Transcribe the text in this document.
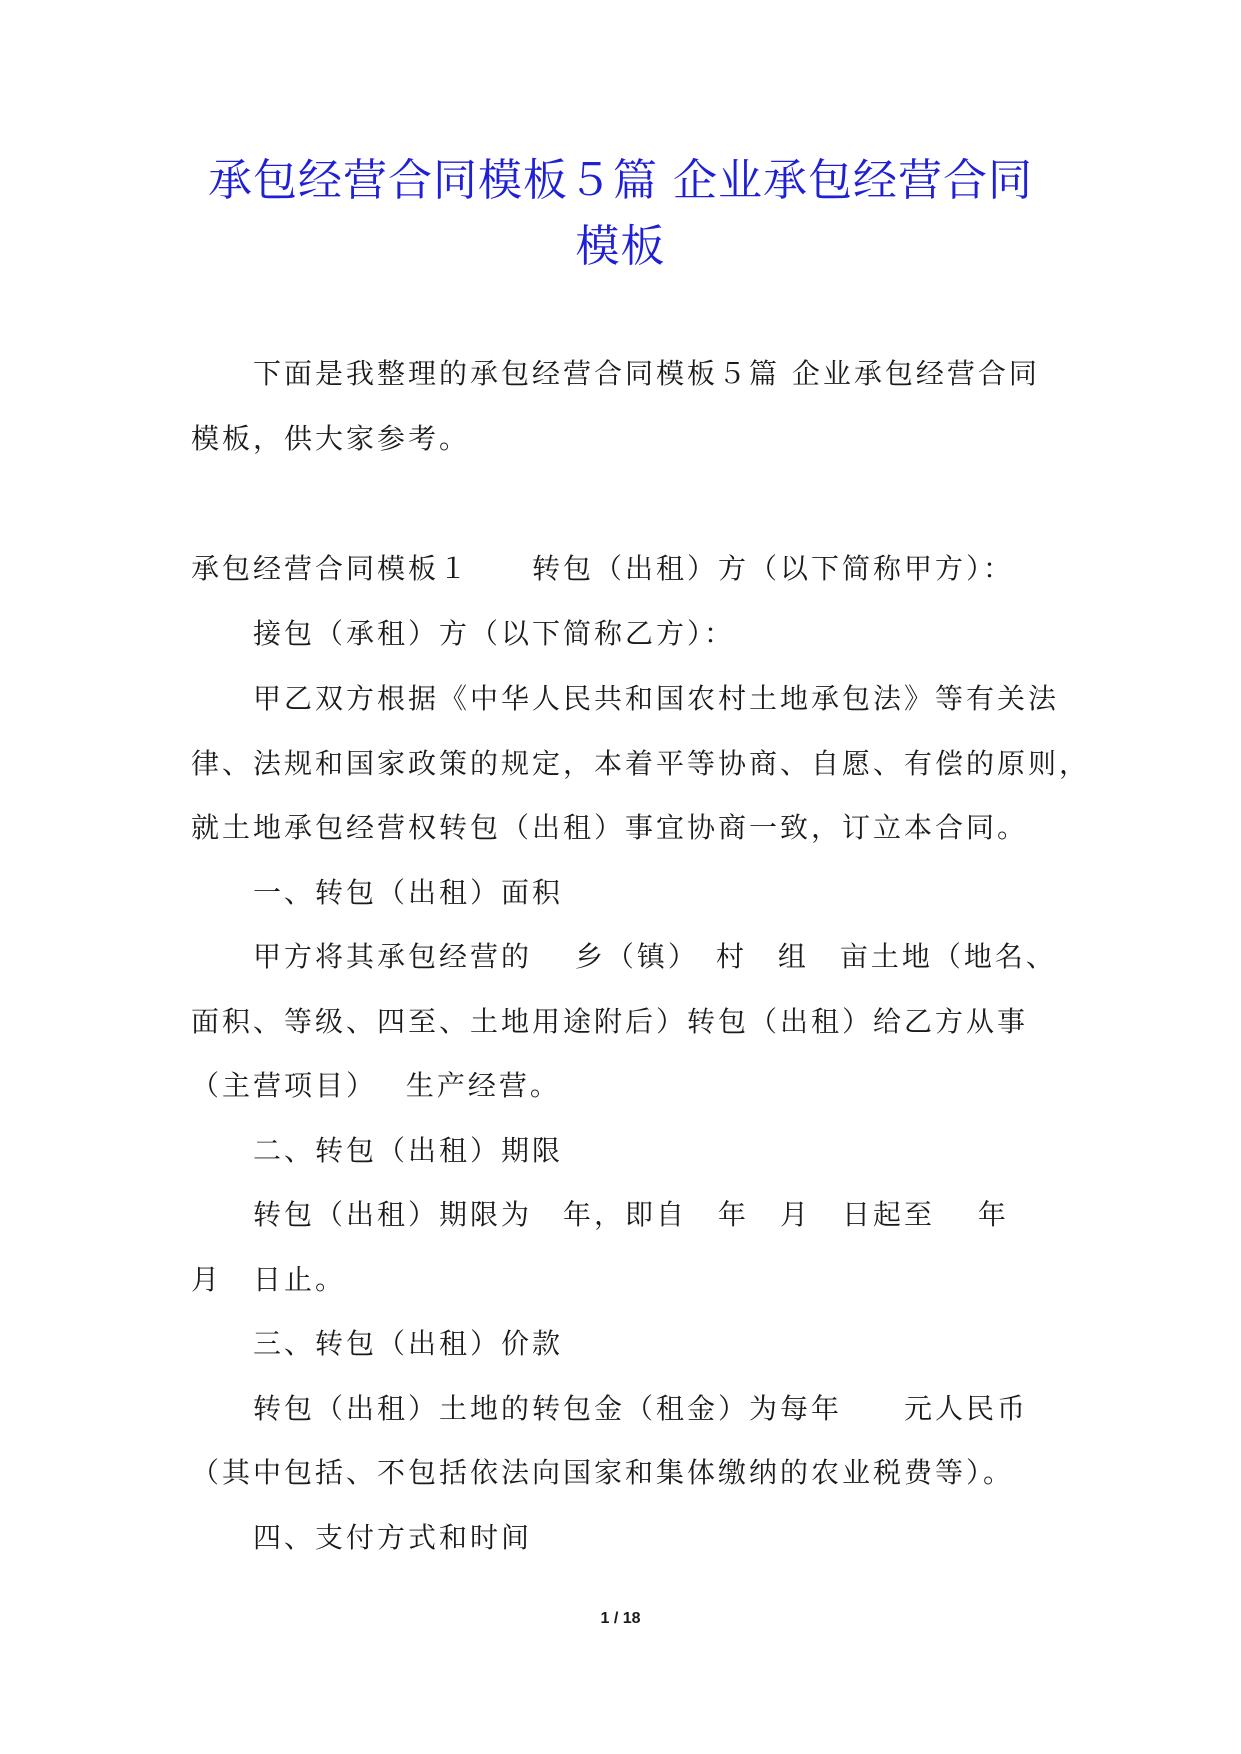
承包经营合同模板５篇 企业承包经营合同
模板
下面是我整理的承包经营合同模板５篇 企业承包经营合同
模板，供大家参考。
承包经营合同模板１　　转包（出租）方（以下简称甲方）：
接包（承租）方（以下简称乙方）：
甲乙双方根据《中华人民共和国农村土地承包法》等有关法
律、法规和国家政策的规定，本着平等协商、自愿、有偿的原则，
就土地承包经营权转包（出租）事宜协商一致，订立本合同。
一、转包（出租）面积
甲方将其承包经营的　 乡（镇）　村　组　亩土地（地名、
面积、等级、四至、土地用途附后）转包（出租）给乙方从事
（主营项目）　 生产经营。
二、转包（出租）期限
转包（出租）期限为　年，即自　年　月　日起至　 年
月　日止。
三、转包（出租）价款
转包（出租）土地的转包金（租金）为每年　　元人民币
（其中包括、不包括依法向国家和集体缴纳的农业税费等）。
四、支付方式和时间
1 / 18
